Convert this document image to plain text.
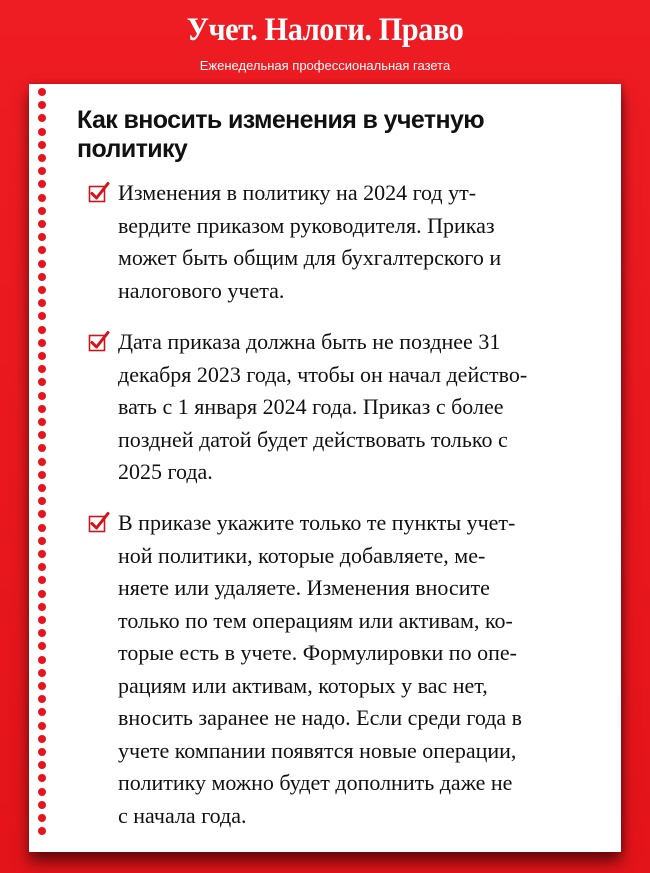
Учет. Налоги. Право
Еженедельная профессиональная газета
Как вносить изменения в учетную
политику

Изменения в политику на 2024 год ут-
вердите приказом руководителя. Приказ
может быть общим для бухгалтерского и
налогового учета.

Дата приказа должна быть не позднее 31
декабря 2023 года, чтобы он начал действо-
вать с 1 января 2024 года. Приказ с более
поздней датой будет действовать только с
2025 года.

В приказе укажите только те пункты учет-
ной политики, которые добавляете, ме-
няете или удаляете. Изменения вносите
только по тем операциям или активам, ко-
торые есть в учете. Формулировки по опе-
рациям или активам, которых у вас нет,
вносить заранее не надо. Если среди года в
учете компании появятся новые операции,
политику можно будет дополнить даже не
с начала года.
